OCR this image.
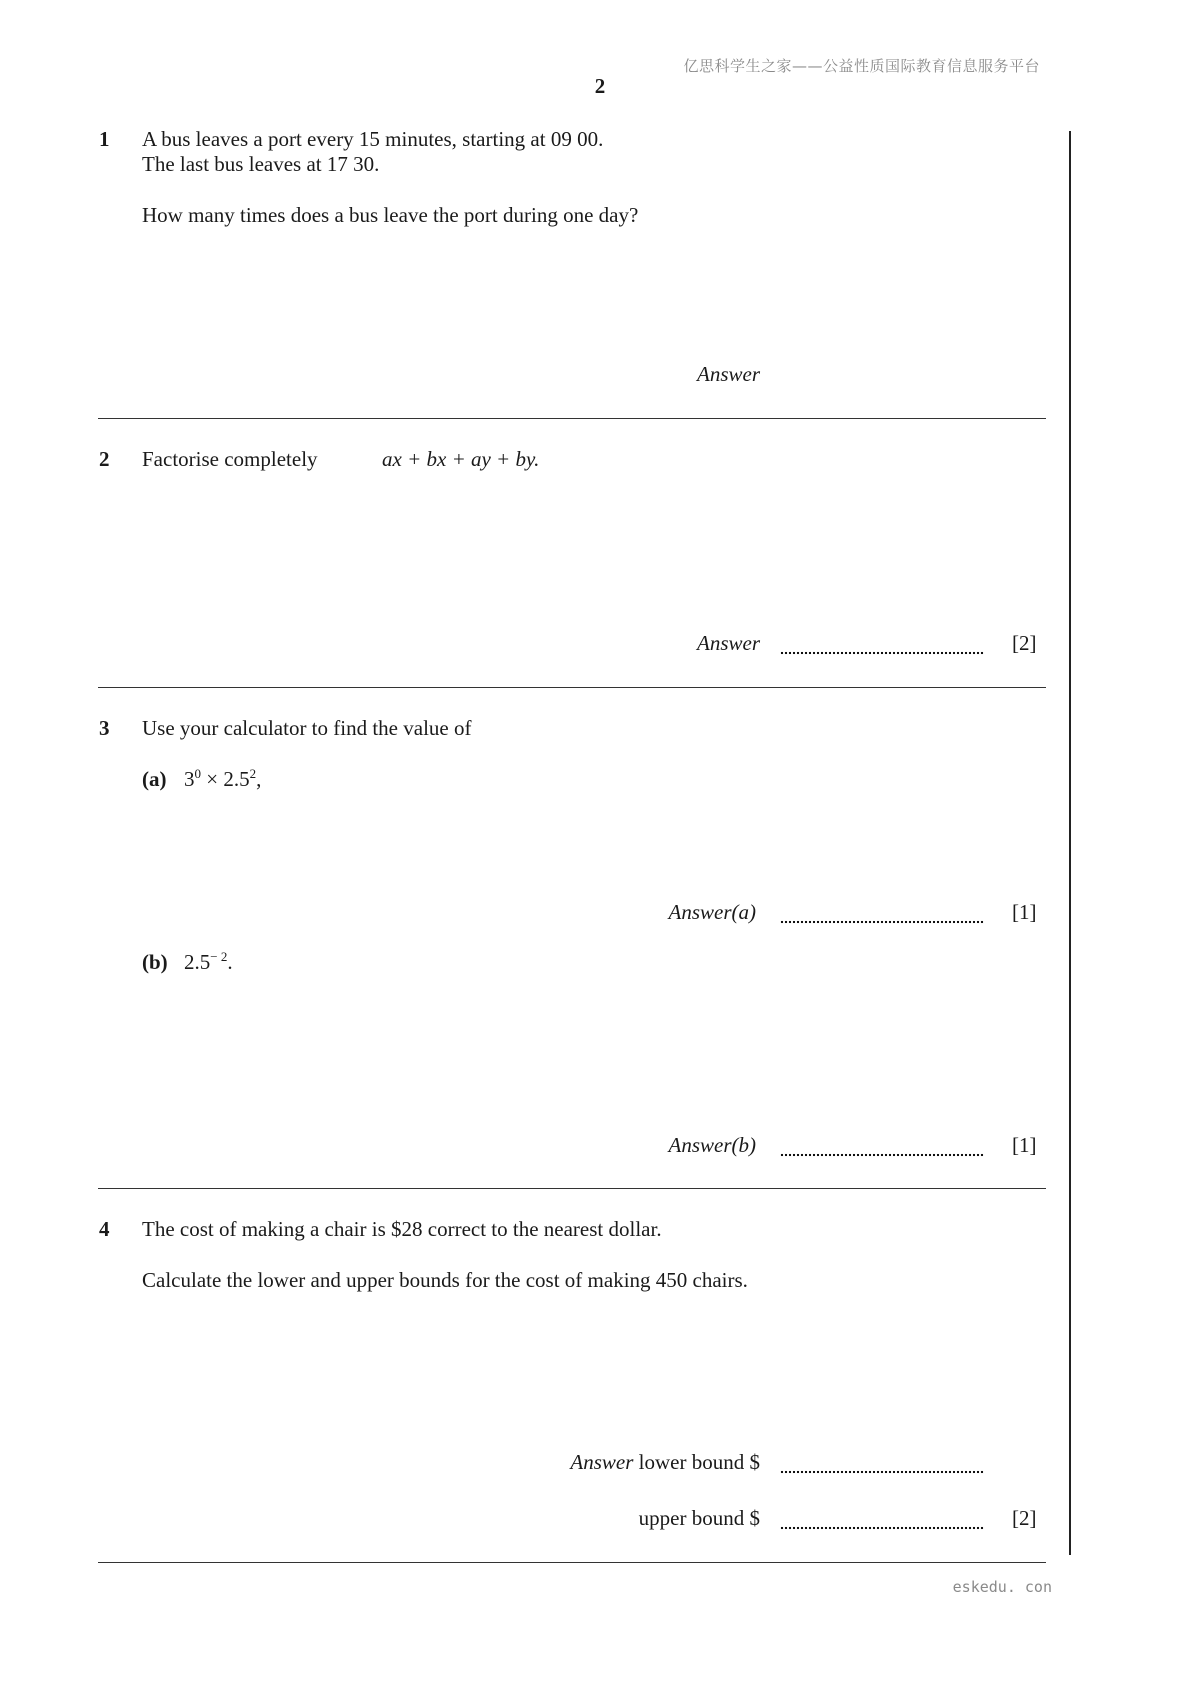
亿思科学生之家——公益性质国际教育信息服务平台
2
1 A bus leaves a port every 15 minutes, starting at 09 00.
The last bus leaves at 17 30.
How many times does a bus leave the port during one day?
Answer
2 Factorise completely	ax + bx + ay + by.
Answer	[2]
3 Use your calculator to find the value of
(a) $3^0 \times 2.5^2$,
Answer(a)	[1]
(b) $2.5^{- 2}$.
Answer(b)	[1]
4 The cost of making a chair is $28 correct to the nearest dollar.
Calculate the lower and upper bounds for the cost of making 450 chairs.
Answer lower bound $
upper bound $	[2]
eskedu. con
